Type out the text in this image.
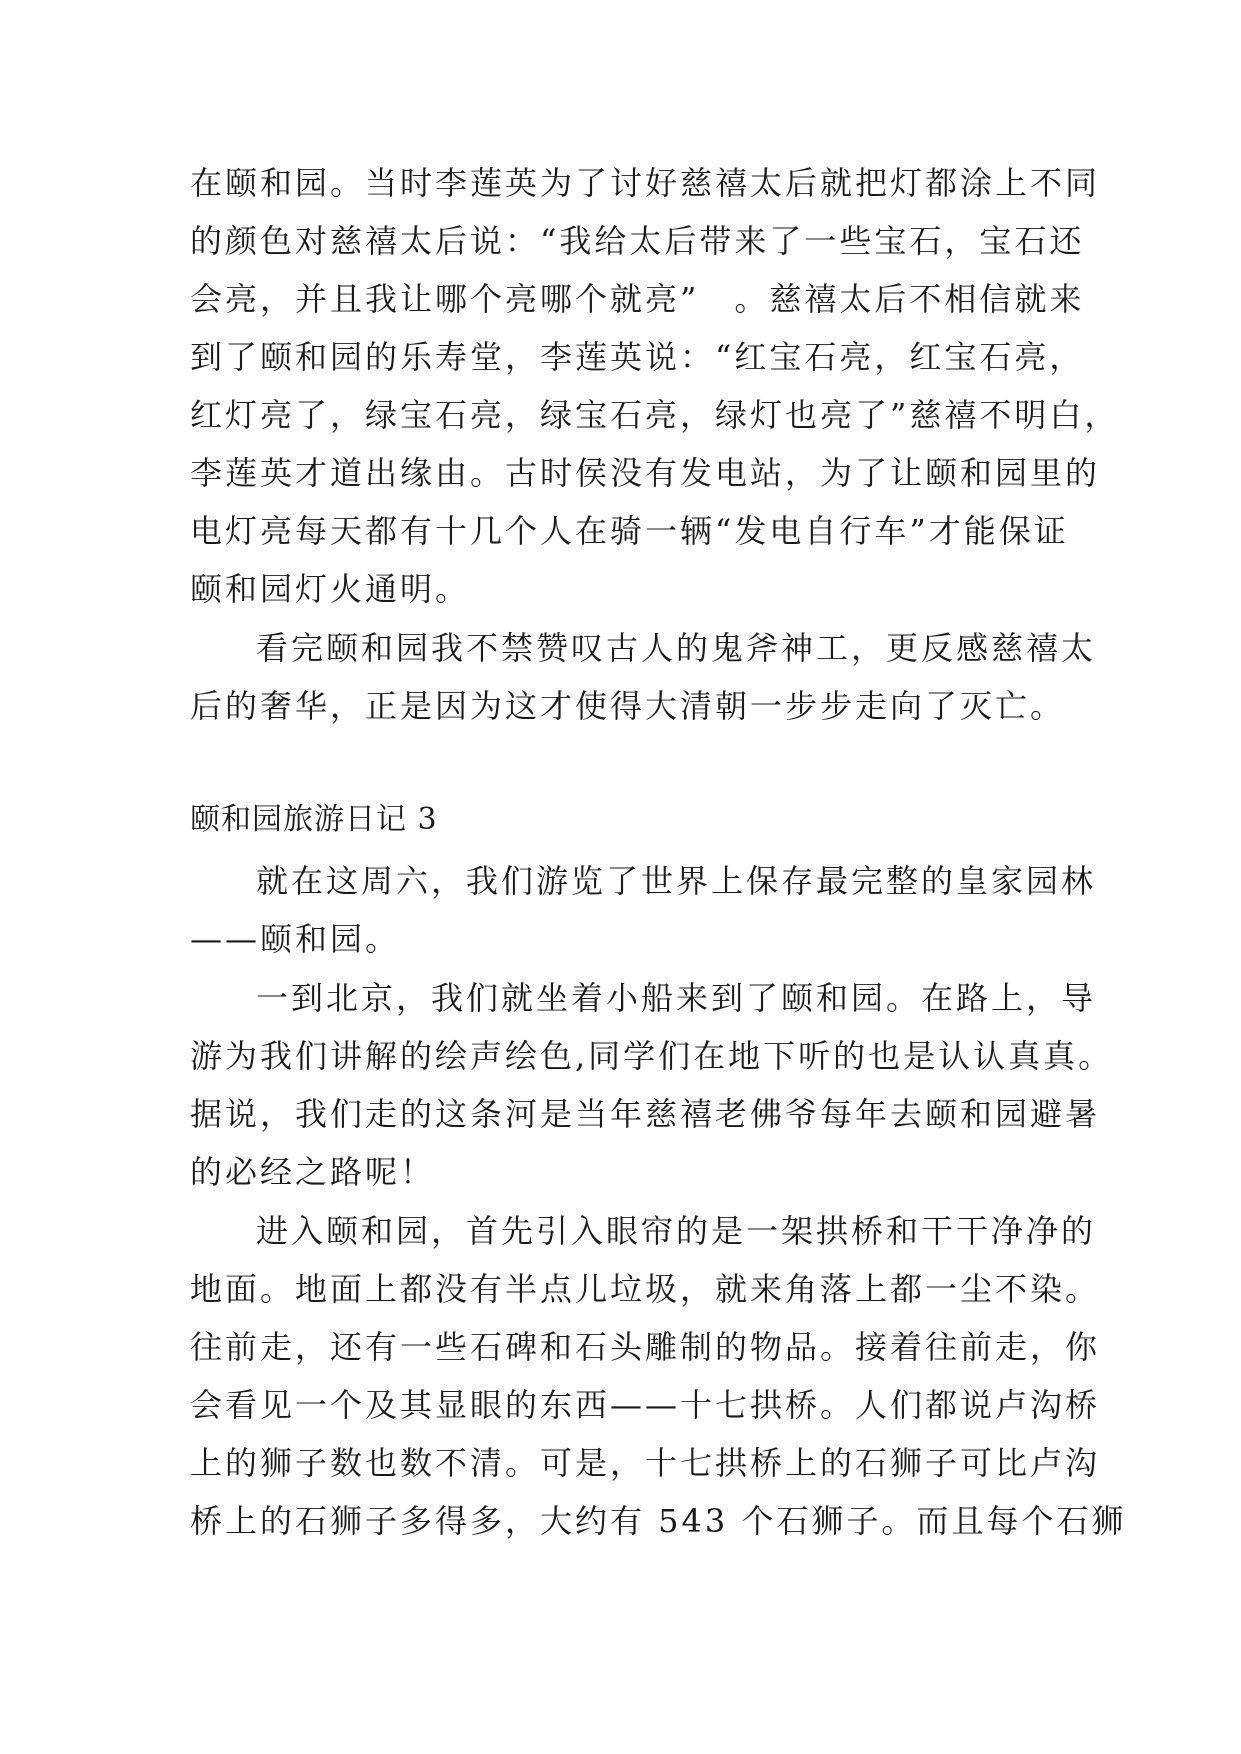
在颐和园。当时李莲英为了讨好慈禧太后就把灯都涂上不同
的颜色对慈禧太后说：“我给太后带来了一些宝石，宝石还
会亮，并且我让哪个亮哪个就亮”　。慈禧太后不相信就来
到了颐和园的乐寿堂，李莲英说：“红宝石亮，红宝石亮，
红灯亮了，绿宝石亮，绿宝石亮，绿灯也亮了”慈禧不明白，
李莲英才道出缘由。古时侯没有发电站，为了让颐和园里的
电灯亮每天都有十几个人在骑一辆“发电自行车”才能保证
颐和园灯火通明。
看完颐和园我不禁赞叹古人的鬼斧神工，更反感慈禧太
后的奢华，正是因为这才使得大清朝一步步走向了灭亡。
颐和园旅游日记 3
就在这周六，我们游览了世界上保存最完整的皇家园林
——颐和园。
一到北京，我们就坐着小船来到了颐和园。在路上，导
游为我们讲解的绘声绘色,同学们在地下听的也是认认真真。
据说，我们走的这条河是当年慈禧老佛爷每年去颐和园避暑
的必经之路呢！
进入颐和园，首先引入眼帘的是一架拱桥和干干净净的
地面。地面上都没有半点儿垃圾，就来角落上都一尘不染。
往前走，还有一些石碑和石头雕制的物品。接着往前走，你
会看见一个及其显眼的东西——十七拱桥。人们都说卢沟桥
上的狮子数也数不清。可是，十七拱桥上的石狮子可比卢沟
桥上的石狮子多得多，大约有 543 个石狮子。而且每个石狮
